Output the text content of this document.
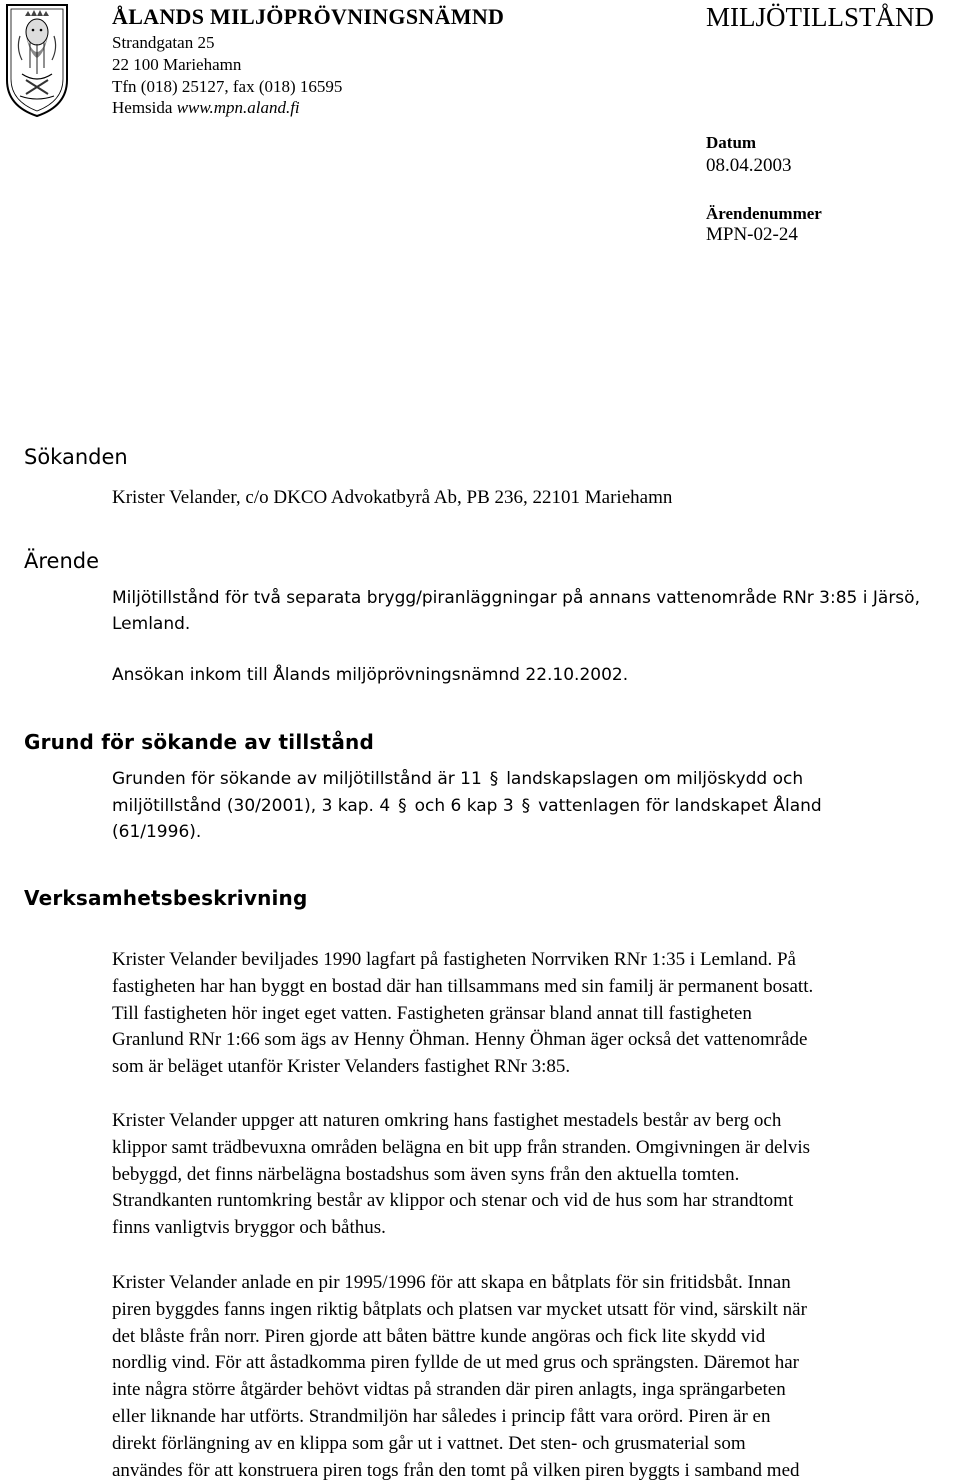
ÅLANDS MILJÖPRÖVNINGSNÄMND
Strandgatan 25
22 100 Mariehamn
Tfn (018) 25127, fax (018) 16595
Hemsida www.mpn.aland.fi
MILJÖTILLSTÅND
Datum
08.04.2003
Ärendenummer
MPN-02-24
Sökanden
Krister Velander, c/o DKCO Advokatbyrå Ab, PB 236, 22101 Mariehamn
Ärende
Miljötillstånd för två separata brygg/piranläggningar på annans vattenområde RNr 3:85 i Järsö,
Lemland.
Ansökan inkom till Ålands miljöprövningsnämnd 22.10.2002.
Grund för sökande av tillstånd
Grunden för sökande av miljötillstånd är 11 § landskapslagen om miljöskydd och
miljötillstånd (30/2001), 3 kap. 4 § och 6 kap 3 § vattenlagen för landskapet Åland
(61/1996).
Verksamhetsbeskrivning
Krister Velander beviljades 1990 lagfart på fastigheten Norrviken RNr 1:35 i Lemland. På
fastigheten har han byggt en bostad där han tillsammans med sin familj är permanent bosatt.
Till fastigheten hör inget eget vatten. Fastigheten gränsar bland annat till fastigheten
Granlund RNr 1:66 som ägs av Henny Öhman. Henny Öhman äger också det vattenområde
som är beläget utanför Krister Velanders fastighet RNr 3:85.
Krister Velander uppger att naturen omkring hans fastighet mestadels består av berg och
klippor samt trädbevuxna områden belägna en bit upp från stranden. Omgivningen är delvis
bebyggd, det finns närbelägna bostadshus som även syns från den aktuella tomten.
Strandkanten runtomkring består av klippor och stenar och vid de hus som har strandtomt
finns vanligtvis bryggor och båthus.
Krister Velander anlade en pir 1995/1996 för att skapa en båtplats för sin fritidsbåt. Innan
piren byggdes fanns ingen riktig båtplats och platsen var mycket utsatt för vind, särskilt när
det blåste från norr. Piren gjorde att båten bättre kunde angöras och fick lite skydd vid
nordlig vind. För att åstadkomma piren fyllde de ut med grus och sprängsten. Däremot har
inte några större åtgärder behövt vidtas på stranden där piren anlagts, inga sprängarbeten
eller liknande har utförts. Strandmiljön har således i princip fått vara orörd. Piren är en
direkt förlängning av en klippa som går ut i vattnet. Det sten- och grusmaterial som
användes för att konstruera piren togs från den tomt på vilken piren byggts i samband med
